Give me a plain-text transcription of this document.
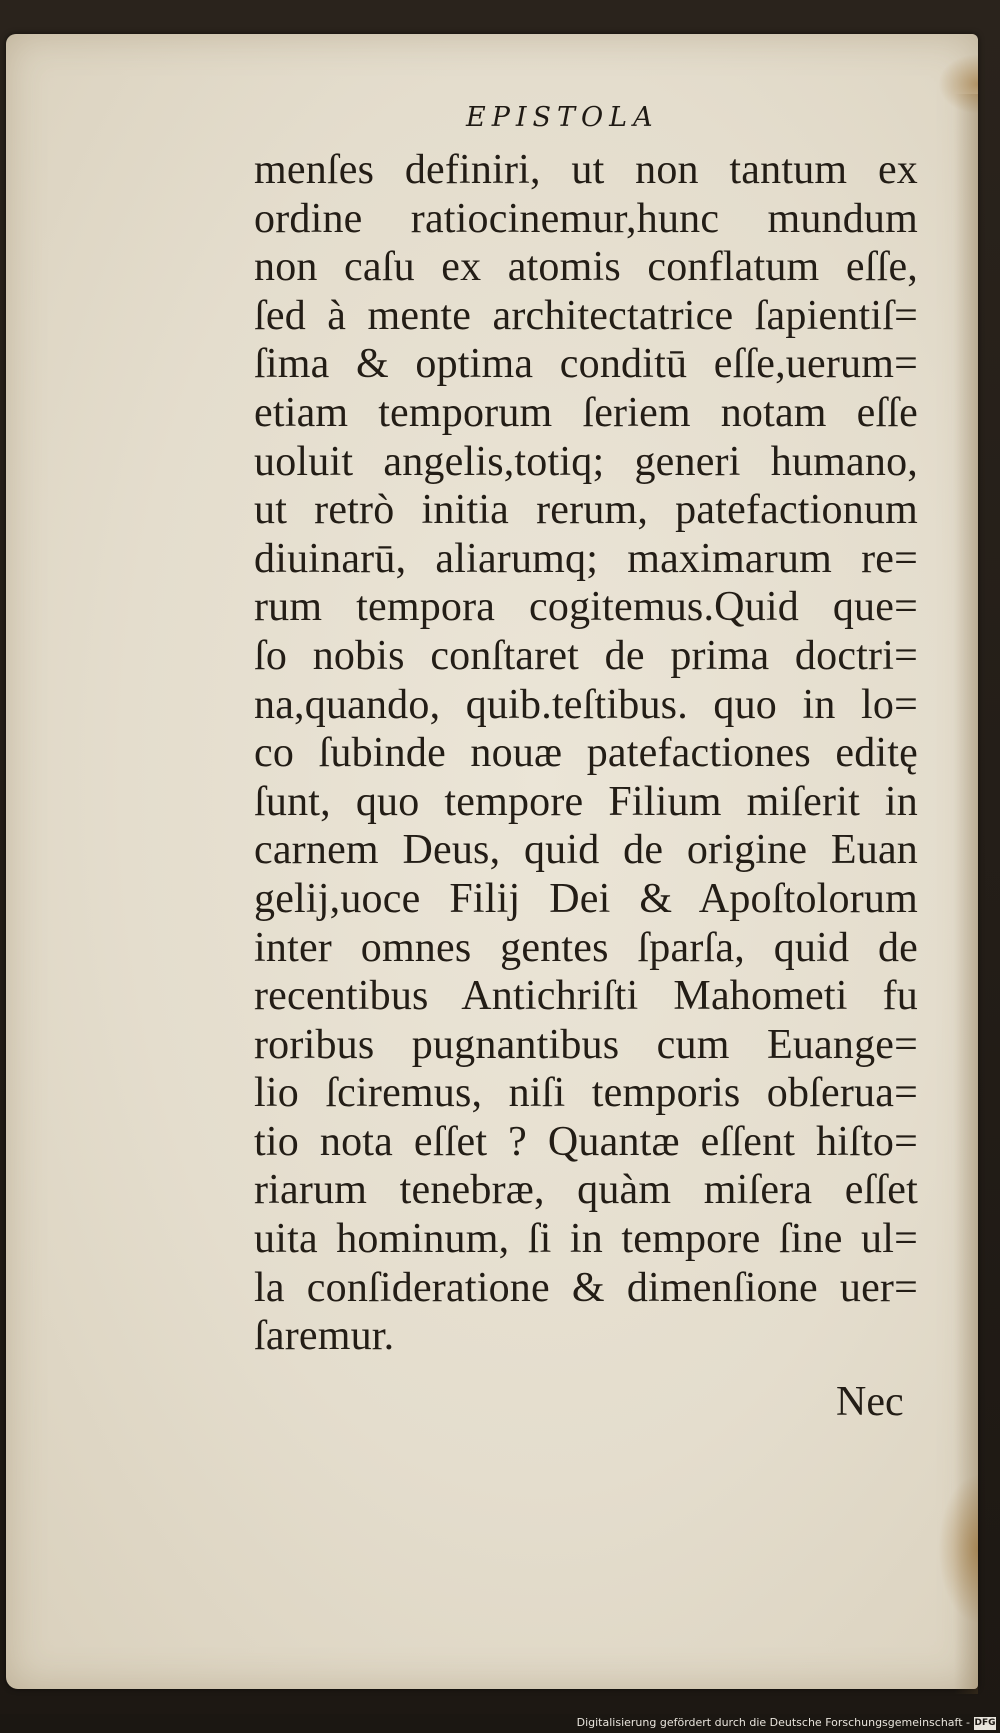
EPISTOLA
menſes definiri, ut non tantum ex
ordine ratiocinemur,hunc mundum
non caſu ex atomis conflatum eſſe,
ſed à mente architectatrice ſapientiſ=
ſima & optima conditū eſſe,uerum=
etiam temporum ſeriem notam eſſe
uoluit angelis,totiq; generi humano,
ut retrò initia rerum, patefactionum
diuinarū, aliarumq; maximarum re=
rum tempora cogitemus.Quid que=
ſo nobis conſtaret de prima doctri=
na,quando, quib.teſtibus. quo in lo=
co ſubinde nouæ patefactiones editę
ſunt, quo tempore Filium miſerit in
carnem Deus, quid de origine Euan
gelij,uoce Filij Dei & Apoſtolorum
inter omnes gentes ſparſa, quid de
recentibus Antichriſti Mahometi fu
roribus pugnantibus cum Euange=
lio ſciremus, niſi temporis obſerua=
tio nota eſſet ? Quantæ eſſent hiſto=
riarum tenebræ, quàm miſera eſſet
uita hominum, ſi in tempore ſine ul=
la conſideratione & dimenſione uer=
ſaremur.
Nec
Digitalisierung gefördert durch die Deutsche Forschungsgemeinschaft - DFG
